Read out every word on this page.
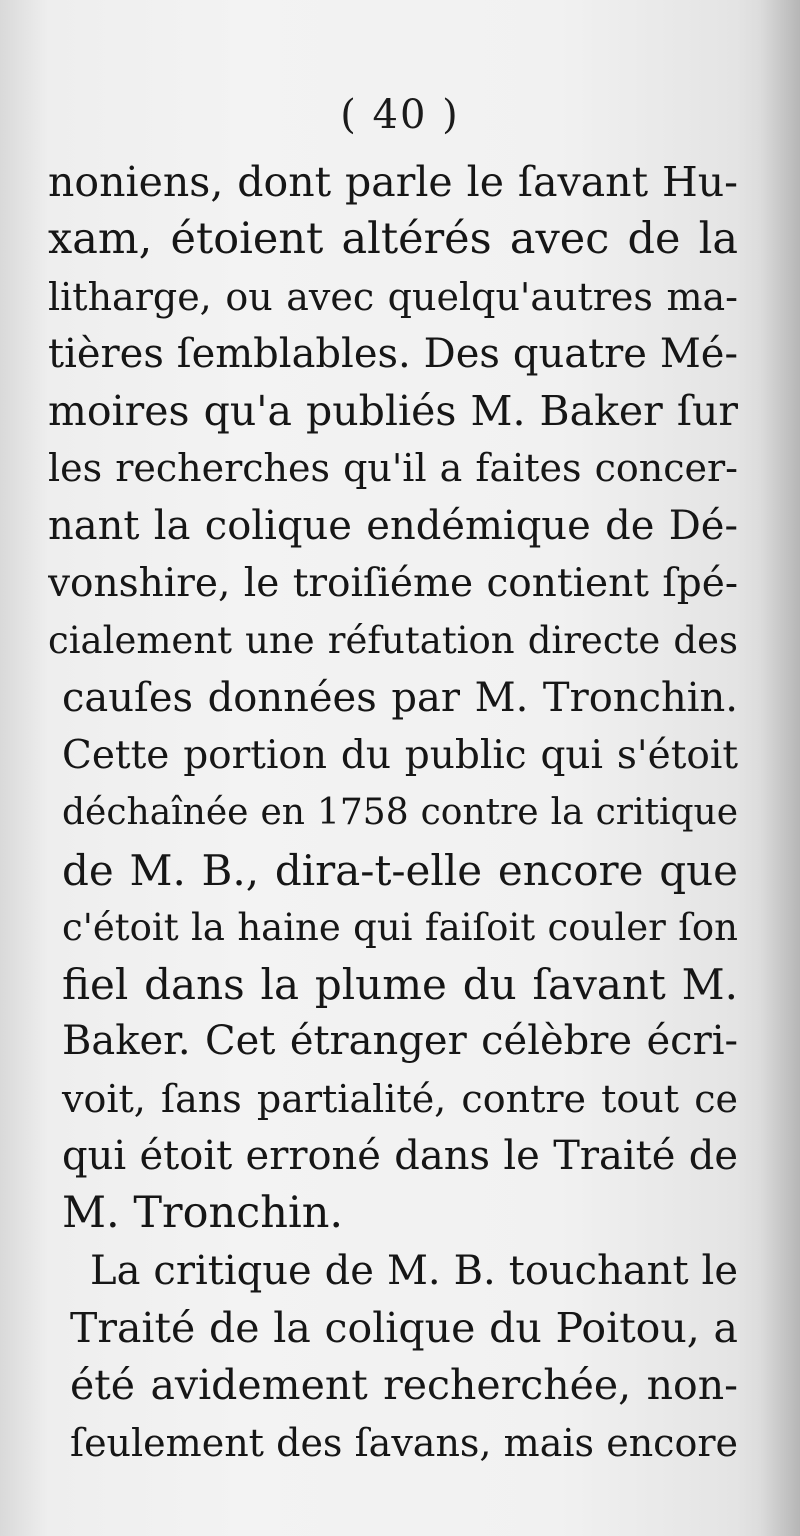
( 40 )
noniens, dont parle le ſavant Hu-
xam, étoient altérés avec de la
litharge, ou avec quelqu'autres ma-
tières ſemblables. Des quatre Mé-
moires qu'a publiés M. Baker ſur
les recherches qu'il a faites concer-
nant la colique endémique de Dé-
vonshire, le troiſiéme contient ſpé-
cialement une réfutation directe des
cauſes données par M. Tronchin.
Cette portion du public qui s'étoit
déchaînée en 1758 contre la critique
de M. B., dira-t-elle encore que
c'étoit la haine qui faiſoit couler ſon
fiel dans la plume du ſavant M.
Baker. Cet étranger célèbre écri-
voit, ſans partialité, contre tout ce
qui étoit erroné dans le Traité de
M. Tronchin.
La critique de M. B. touchant le
Traité de la colique du Poitou, a
été avidement recherchée, non-
ſeulement des ſavans, mais encore
